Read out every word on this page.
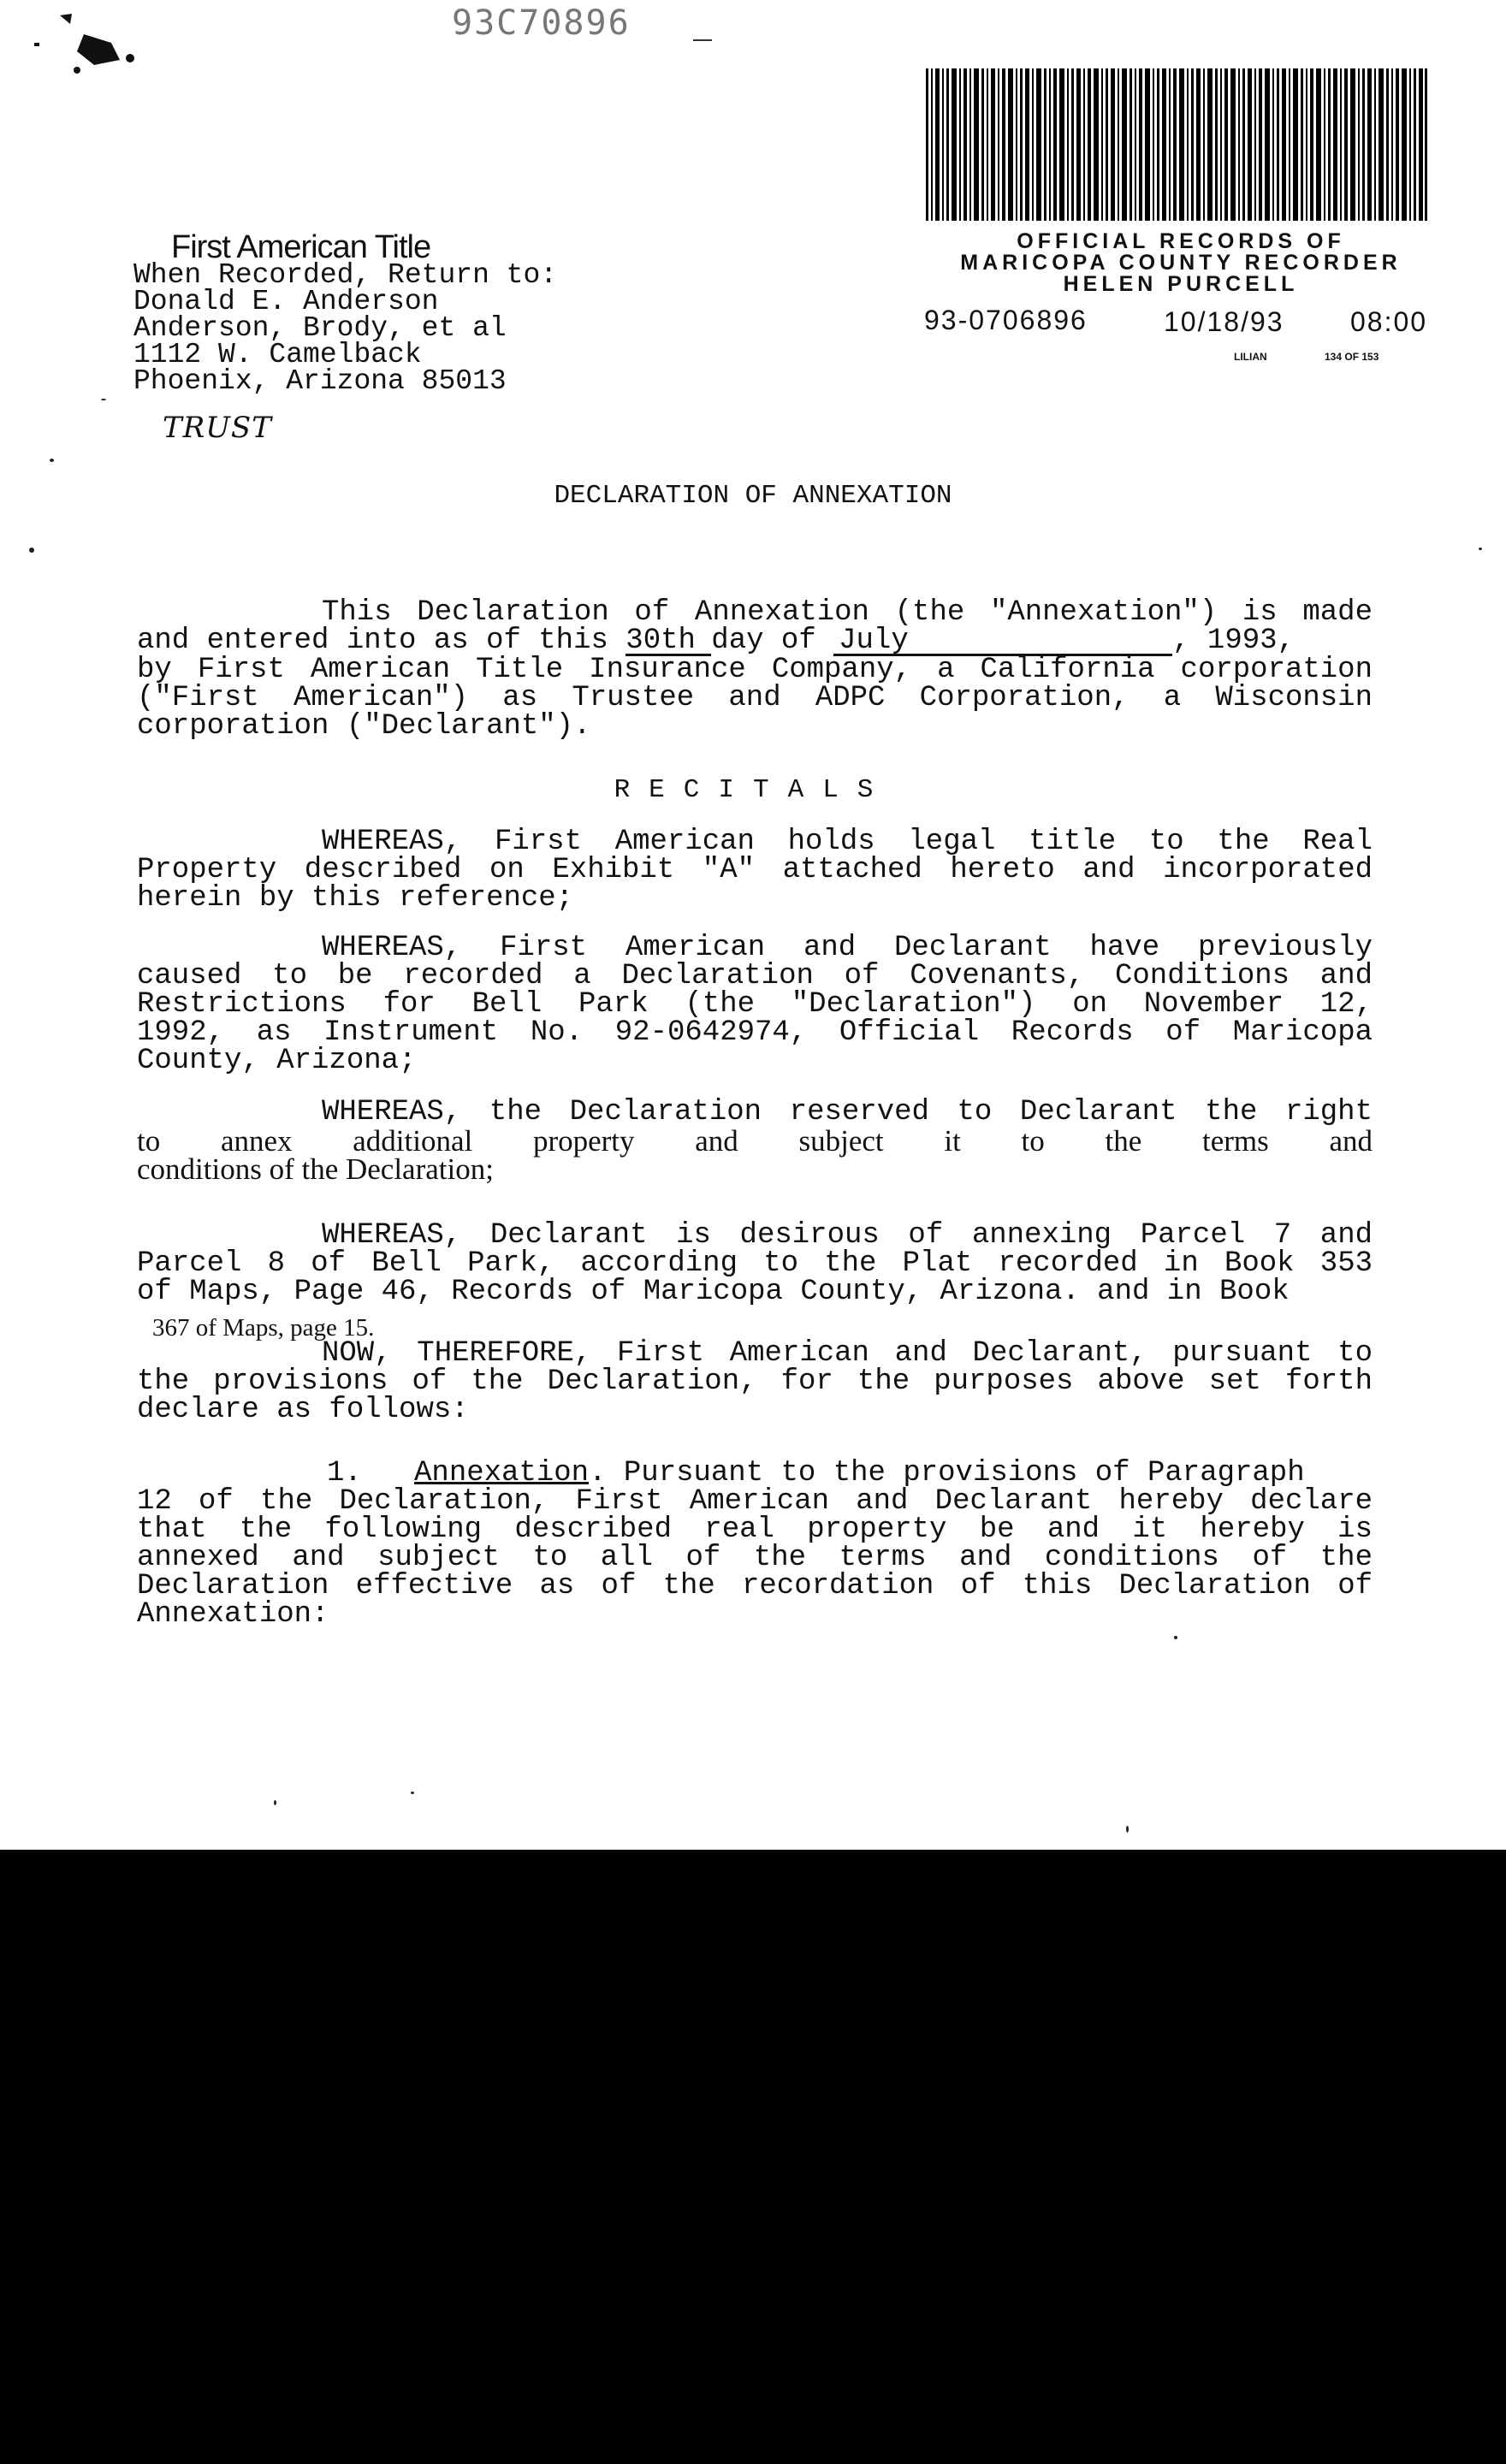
93C70896
OFFICIAL RECORDS OF
MARICOPA COUNTY RECORDER
HELEN PURCELL
93-0706896	10/18/93 08:00
LILIAN	134 OF 153
First American Title
When Recorded, Return to:
Donald E. Anderson
Anderson, Brody, et al
1112 W. Camelback
Phoenix, Arizona 85013
TRUST
DECLARATION OF ANNEXATION
This Declaration of Annexation (the "Annexation") is made
and entered into as of this 30th day of July	, 1993,
by First American Title Insurance Company, a California corporation
("First American") as Trustee and ADPC Corporation, a Wisconsin
corporation ("Declarant").
RECITALS
WHEREAS, First American holds legal title to the Real
Property described on Exhibit "A" attached hereto and incorporated
herein by this reference;
WHEREAS, First American and Declarant have previously
caused to be recorded a Declaration of Covenants, Conditions and
Restrictions for Bell Park (the "Declaration") on November 12,
1992, as Instrument No. 92-0642974, Official Records of Maricopa
County, Arizona;
WHEREAS, the Declaration reserved to Declarant the right
to annex additional property and subject it to the terms and
conditions of the Declaration;
WHEREAS, Declarant is desirous of annexing Parcel 7 and
Parcel 8 of Bell Park, according to the Plat recorded in Book 353
of Maps, Page 46, Records of Maricopa County, Arizona. and in Book
367 of Maps, page 15.
NOW, THEREFORE, First American and Declarant, pursuant to
the provisions of the Declaration, for the purposes above set forth
declare as follows:
1. Annexation. Pursuant to the provisions of Paragraph
12 of the Declaration, First American and Declarant hereby declare
that the following described real property be and it hereby is
annexed and subject to all of the terms and conditions of the
Declaration effective as of the recordation of this Declaration of
Annexation:
